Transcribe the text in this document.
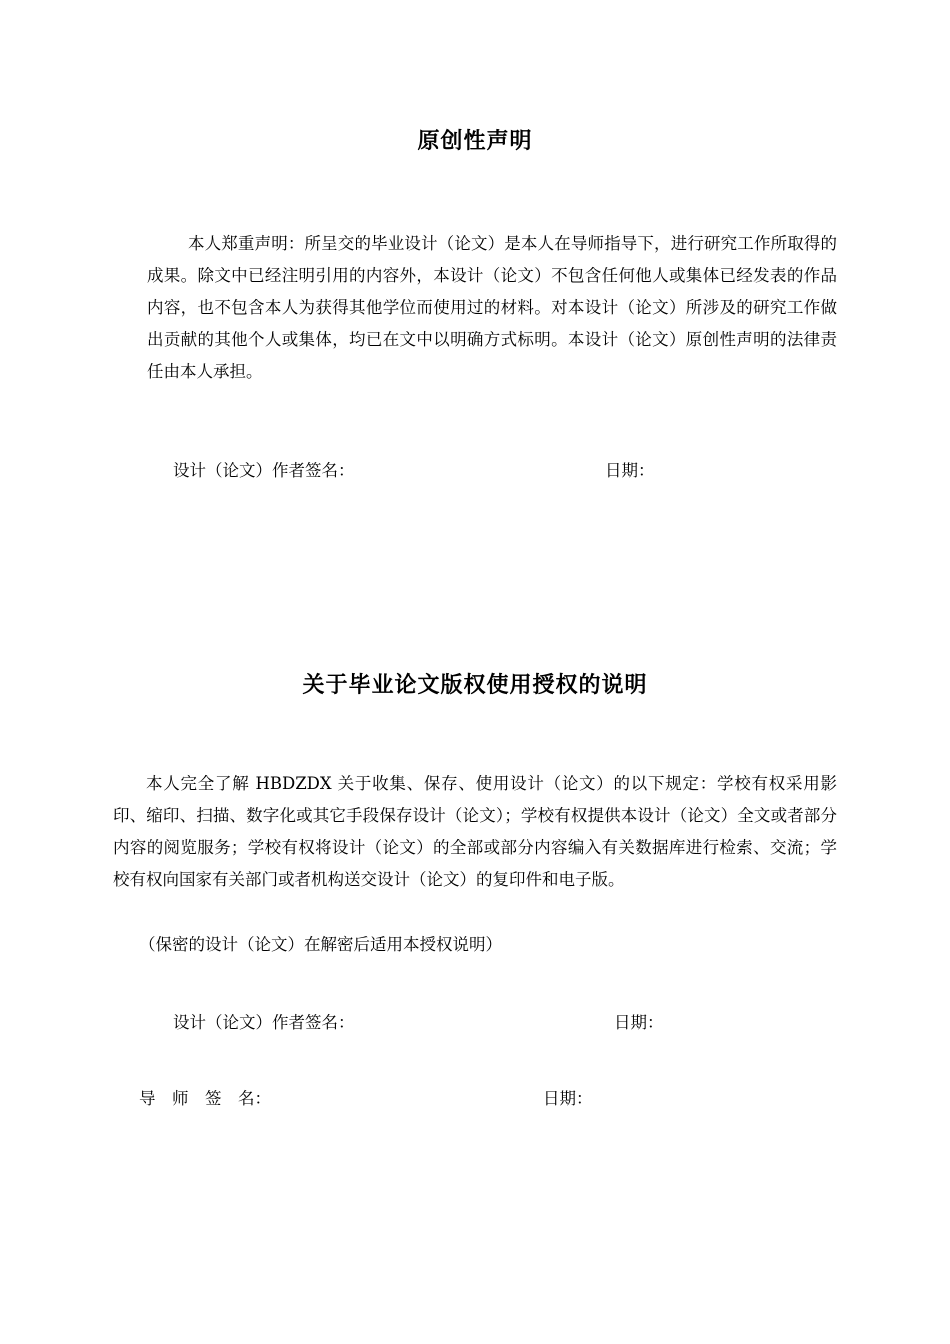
原创性声明

本人郑重声明：所呈交的毕业设计（论文）是本人在导师指导下，进行研究工作所取得的成果。除文中已经注明引用的内容外，本设计（论文）不包含任何他人或集体已经发表的作品内容，也不包含本人为获得其他学位而使用过的材料。对本设计（论文）所涉及的研究工作做出贡献的其他个人或集体，均已在文中以明确方式标明。本设计（论文）原创性声明的法律责任由本人承担。

设计（论文）作者签名：	日期：
关于毕业论文版权使用授权的说明

本人完全了解 HBDZDX 关于收集、保存、使用设计（论文）的以下规定：学校有权采用影印、缩印、扫描、数字化或其它手段保存设计（论文）；学校有权提供本设计（论文）全文或者部分内容的阅览服务；学校有权将设计（论文）的全部或部分内容编入有关数据库进行检索、交流；学校有权向国家有关部门或者机构送交设计（论文）的复印件和电子版。

（保密的设计（论文）在解密后适用本授权说明）
设计（论文）作者签名：	日期：
导　师　签　名：	日期：
